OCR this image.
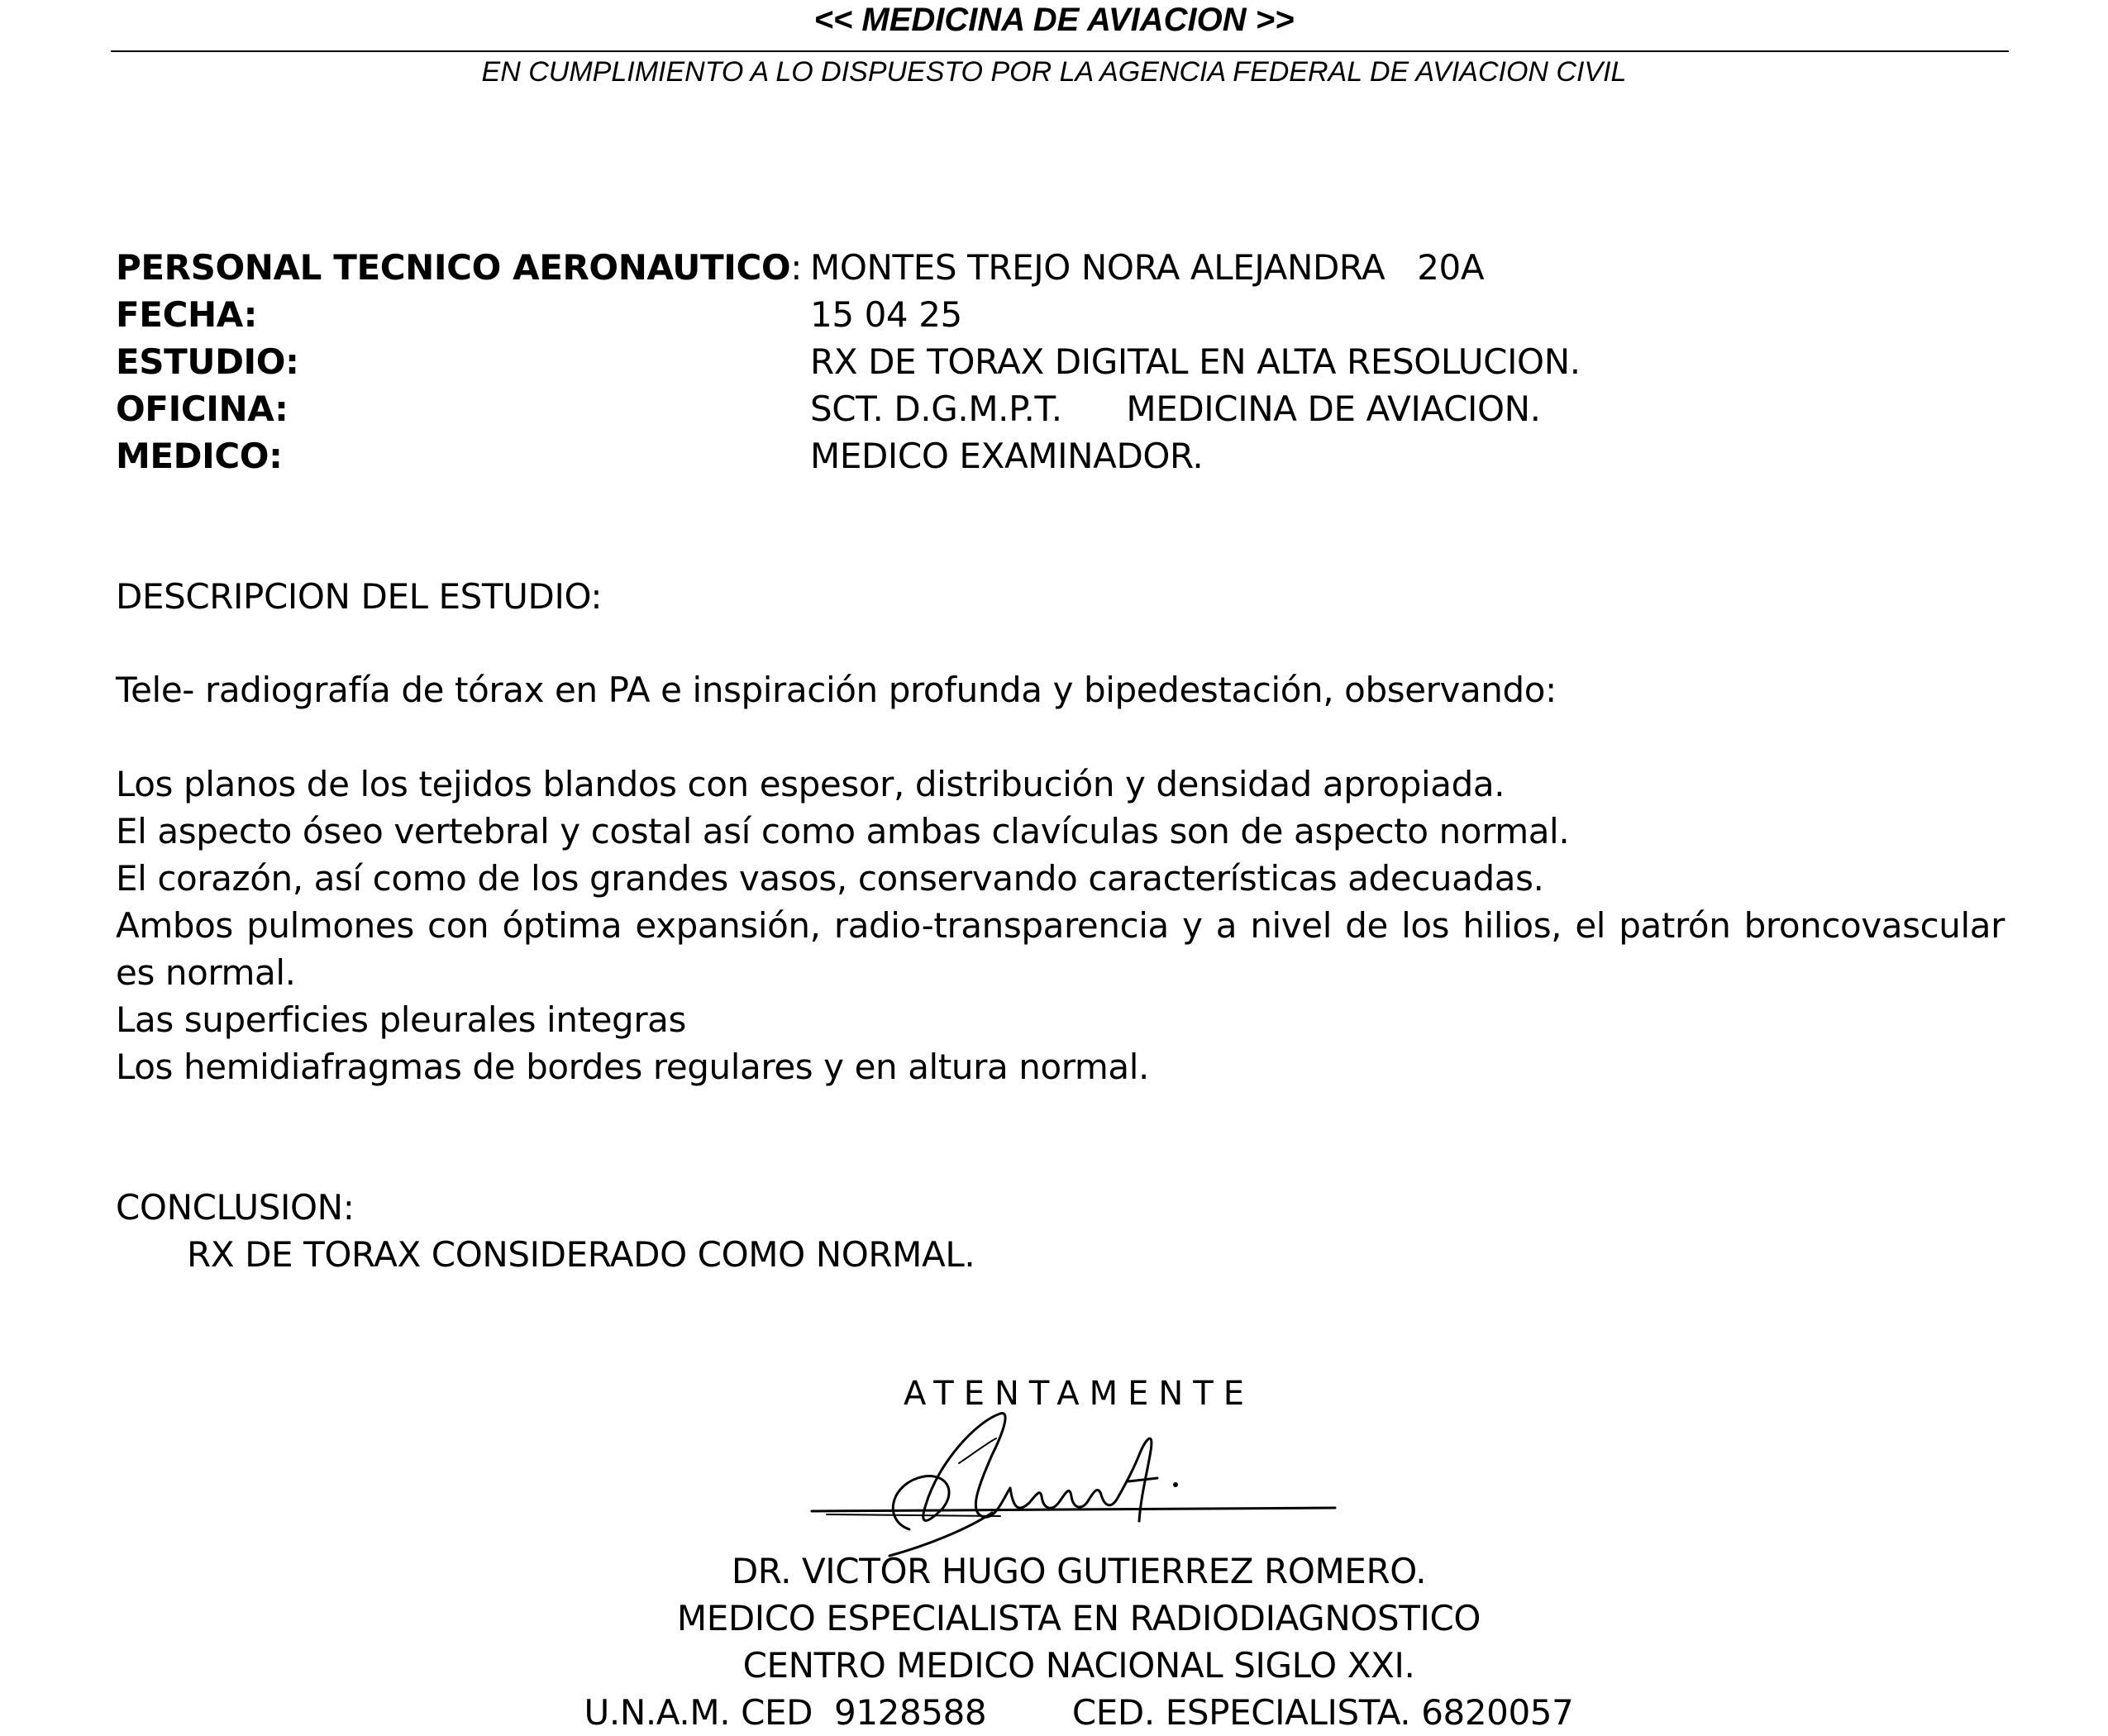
<< MEDICINA DE AVIACION >>
EN CUMPLIMIENTO A LO DISPUESTO POR LA AGENCIA FEDERAL DE AVIACION CIVIL
PERSONAL TECNICO AERONAUTICO: MONTES TREJO NORA ALEJANDRA   20A
FECHA:	15 04 25
ESTUDIO:	RX DE TORAX DIGITAL EN ALTA RESOLUCION.
OFICINA:	SCT. D.G.M.P.T.      MEDICINA DE AVIACION.
MEDICO:	MEDICO EXAMINADOR.
DESCRIPCION DEL ESTUDIO:
Tele- radiografía de tórax en PA e inspiración profunda y bipedestación, observando:
Los planos de los tejidos blandos con espesor, distribución y densidad apropiada.
El aspecto óseo vertebral y costal así como ambas clavículas son de aspecto normal.
El corazón, así como de los grandes vasos, conservando características adecuadas.
Ambos pulmones con óptima expansión, radio-transparencia y a nivel de los hilios, el patrón broncovascular es normal.
Las superficies pleurales integras
Los hemidiafragmas de bordes regulares y en altura normal.
CONCLUSION:
RX DE TORAX CONSIDERADO COMO NORMAL.
ATENTAMENTE
DR. VICTOR HUGO GUTIERREZ ROMERO.
MEDICO ESPECIALISTA EN RADIODIAGNOSTICO
CENTRO MEDICO NACIONAL SIGLO XXI.
U.N.A.M. CED  9128588        CED. ESPECIALISTA. 6820057
